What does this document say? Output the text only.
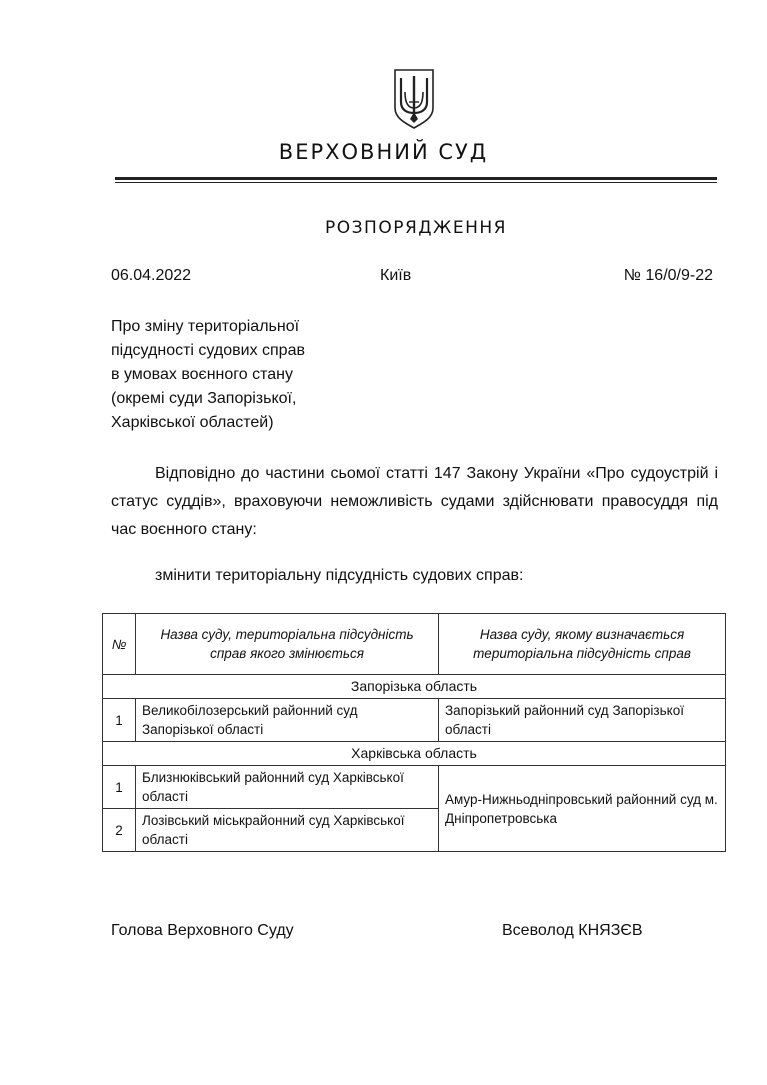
ВЕРХОВНИЙ СУД
РОЗПОРЯДЖЕННЯ
06.04.2022	Київ	№ 16/0/9-22
Про зміну територіальної
підсудності судових справ
в умовах воєнного стану
(окремі суди Запорізької,
Харківської областей)
Відповідно до частини сьомої статті 147 Закону України «Про судоустрій і статус суддів», враховуючи неможливість судами здійснювати правосуддя під час воєнного стану:
змінити територіальну підсудність судових справ:
№	Назва суду, територіальна підсудність справ якого змінюється	Назва суду, якому визначається територіальна підсудність справ
Запорізька область		
1	Великобілозерський районний суд Запорізької області	Запорізький районний суд Запорізької області
Харківська область		
1	Близнюківський районний суд Харківської області	Амур-Нижньодніпровський районний суд м. Дніпропетровська
2	Лозівський міськрайонний суд Харківської області	
Голова Верховного Суду	Всеволод КНЯЗЄВ
